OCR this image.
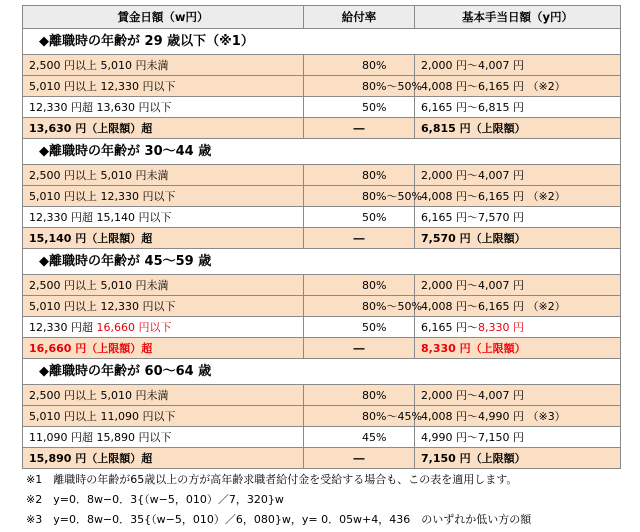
賃金日額（w円）	給付率	基本手当日額（y円）
◆離職時の年齢が 29 歳以下（※1）		
2,500 円以上 5,010 円未満	80%	2,000 円～4,007 円
5,010 円以上 12,330 円以下	80%～50%	4,008 円～6,165 円 （※2）
12,330 円超 13,630 円以下	50%	6,165 円～6,815 円
13,630 円（上限額）超	―	6,815 円（上限額）
◆離職時の年齢が 30～44 歳		
2,500 円以上 5,010 円未満	80%	2,000 円～4,007 円
5,010 円以上 12,330 円以下	80%～50%	4,008 円～6,165 円 （※2）
12,330 円超 15,140 円以下	50%	6,165 円～7,570 円
15,140 円（上限額）超	―	7,570 円（上限額）
◆離職時の年齢が 45～59 歳		
2,500 円以上 5,010 円未満	80%	2,000 円～4,007 円
5,010 円以上 12,330 円以下	80%～50%	4,008 円～6,165 円 （※2）
12,330 円超 16,660 円以下	50%	6,165 円～8,330 円
16,660 円（上限額）超	―	8,330 円（上限額）
◆離職時の年齢が 60～64 歳		
2,500 円以上 5,010 円未満	80%	2,000 円～4,007 円
5,010 円以上 11,090 円以下	80%～45%	4,008 円～4,990 円 （※3）
11,090 円超 15,890 円以下	45%	4,990 円～7,150 円
15,890 円（上限額）超	―	7,150 円（上限額）
※1　離職時の年齢が65歳以上の方が高年齢求職者給付金を受給する場合も、この表を適用します。
※2　y=0．8w−0．3{（w−5，010）／7，320}w
※3　y=0．8w−0．35{（w−5，010）／6，080}w，y= 0．05w+4，436　のいずれか低い方の額
